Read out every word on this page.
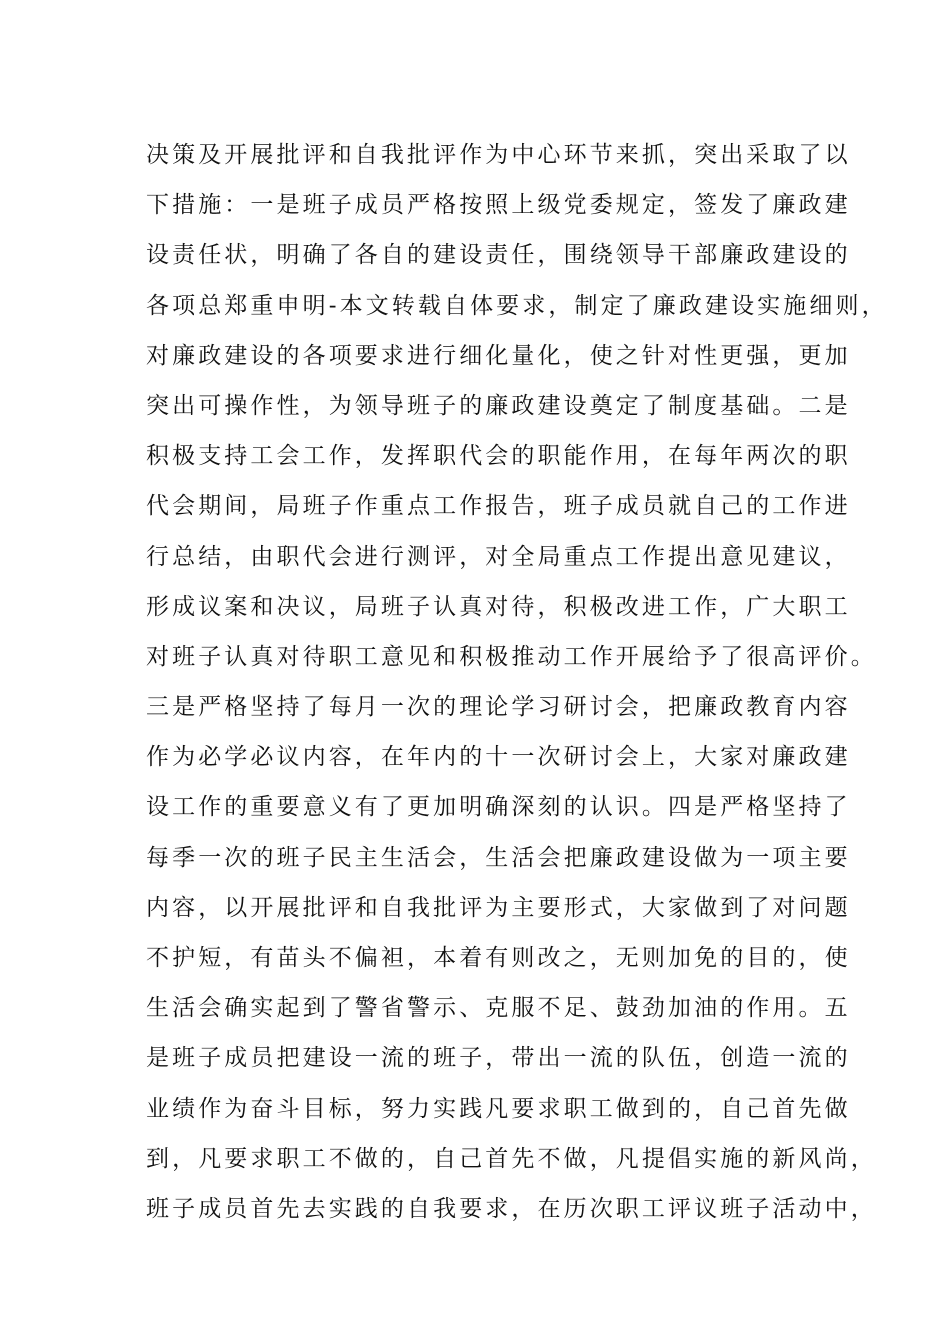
决策及开展批评和自我批评作为中心环节来抓，突出采取了以
下措施：一是班子成员严格按照上级党委规定，签发了廉政建
设责任状，明确了各自的建设责任，围绕领导干部廉政建设的
各项总郑重申明-本文转载自体要求，制定了廉政建设实施细则，
对廉政建设的各项要求进行细化量化，使之针对性更强，更加
突出可操作性，为领导班子的廉政建设奠定了制度基础。二是
积极支持工会工作，发挥职代会的职能作用，在每年两次的职
代会期间，局班子作重点工作报告，班子成员就自己的工作进
行总结，由职代会进行测评，对全局重点工作提出意见建议，
形成议案和决议，局班子认真对待，积极改进工作，广大职工
对班子认真对待职工意见和积极推动工作开展给予了很高评价。
三是严格坚持了每月一次的理论学习研讨会，把廉政教育内容
作为必学必议内容，在年内的十一次研讨会上，大家对廉政建
设工作的重要意义有了更加明确深刻的认识。四是严格坚持了
每季一次的班子民主生活会，生活会把廉政建设做为一项主要
内容，以开展批评和自我批评为主要形式，大家做到了对问题
不护短，有苗头不偏袒，本着有则改之，无则加免的目的，使
生活会确实起到了警省警示、克服不足、鼓劲加油的作用。五
是班子成员把建设一流的班子，带出一流的队伍，创造一流的
业绩作为奋斗目标，努力实践凡要求职工做到的，自己首先做
到，凡要求职工不做的，自己首先不做，凡提倡实施的新风尚，
班子成员首先去实践的自我要求，在历次职工评议班子活动中，
